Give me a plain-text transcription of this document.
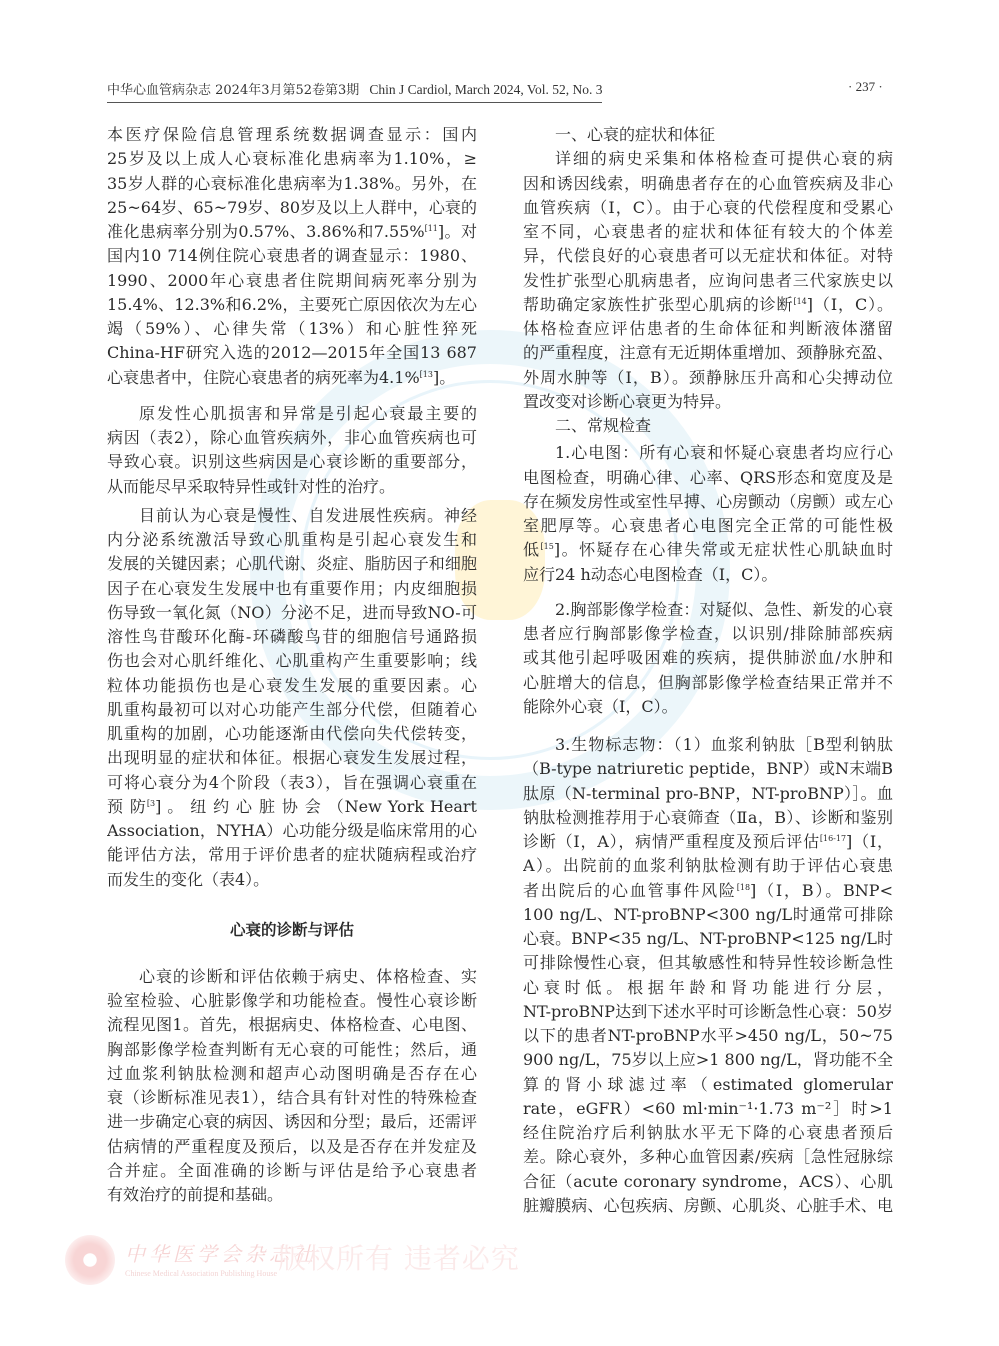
中华心血管病杂志 2024年3月第52卷第3期 Chin J Cardiol, March 2024, Vol. 52, No. 3	· 237 ·
本医疗保险信息管理系统数据调查显示：国内
25岁及以上成人心衰标准化患病率为1.10%，≥
35岁人群的心衰标准化患病率为1.38%。另外，在
25~64岁、65~79岁、80岁及以上人群中，心衰的
准化患病率分别为0.57%、3.86%和7.55%$^{[11}$]。对
国内10 714例住院心衰患者的调查显示：1980、
1990、2000年心衰患者住院期间病死率分别为
15.4%、12.3%和6.2%，主要死亡原因依次为左心
竭（59%）、心律失常（13%）和心脏性猝死
China-HF研究入选的2012—2015年全国13 687
心衰患者中，住院心衰患者的病死率为4.1%$^{[13}$]。
原发性心肌损害和异常是引起心衰最主要的
病因（表2），除心血管疾病外，非心血管疾病也可
导致心衰。识别这些病因是心衰诊断的重要部分，
从而能尽早采取特异性或针对性的治疗。
目前认为心衰是慢性、自发进展性疾病。神经
内分泌系统激活导致心肌重构是引起心衰发生和
发展的关键因素；心肌代谢、炎症、脂肪因子和细胞
因子在心衰发生发展中也有重要作用；内皮细胞损
伤导致一氧化氮（NO）分泌不足，进而导致NO-可
溶性鸟苷酸环化酶-环磷酸鸟苷的细胞信号通路损
伤也会对心肌纤维化、心肌重构产生重要影响；线
粒体功能损伤也是心衰发生发展的重要因素。心
肌重构最初可以对心功能产生部分代偿，但随着心
肌重构的加剧，心功能逐渐由代偿向失代偿转变，
出现明显的症状和体征。根据心衰发生发展过程，
可将心衰分为4个阶段（表3），旨在强调心衰重在
预 防$^{[3}$] 。 纽 约 心 脏 协 会 （New York Heart
Association，NYHA）心功能分级是临床常用的心
能评估方法，常用于评价患者的症状随病程或治疗
而发生的变化（表4）。
心衰的诊断与评估
心衰的诊断和评估依赖于病史、体格检查、实
验室检验、心脏影像学和功能检查。慢性心衰诊断
流程见图1。首先，根据病史、体格检查、心电图、
胸部影像学检查判断有无心衰的可能性；然后，通
过血浆利钠肽检测和超声心动图明确是否存在心
衰（诊断标准见表1），结合具有针对性的特殊检查
进一步确定心衰的病因、诱因和分型；最后，还需评
估病情的严重程度及预后，以及是否存在并发症及
合并症。全面准确的诊断与评估是给予心衰患者
有效治疗的前提和基础。
一、心衰的症状和体征
详细的病史采集和体格检查可提供心衰的病
因和诱因线索，明确患者存在的心血管疾病及非心
血管疾病（Ⅰ，C）。由于心衰的代偿程度和受累心
室不同，心衰患者的症状和体征有较大的个体差
异，代偿良好的心衰患者可以无症状和体征。对特
发性扩张型心肌病患者，应询问患者三代家族史以
帮助确定家族性扩张型心肌病的诊断$^{[14}$]（Ⅰ，C）。
体格检查应评估患者的生命体征和判断液体潴留
的严重程度，注意有无近期体重增加、颈静脉充盈、
外周水肿等（Ⅰ，B）。颈静脉压升高和心尖搏动位
置改变对诊断心衰更为特异。
二、常规检查
1.心电图：所有心衰和怀疑心衰患者均应行心
电图检查，明确心律、心率、QRS形态和宽度及是
存在频发房性或室性早搏、心房颤动（房颤）或左心
室肥厚等。心衰患者心电图完全正常的可能性极
低$^{[15}$]。怀疑存在心律失常或无症状性心肌缺血时
应行24 h动态心电图检查（Ⅰ，C）。
2.胸部影像学检查：对疑似、急性、新发的心衰
患者应行胸部影像学检查，以识别/排除肺部疾病
或其他引起呼吸困难的疾病，提供肺淤血/水肿和
心脏增大的信息，但胸部影像学检查结果正常并不
能除外心衰（Ⅰ，C）。
3.生物标志物：（1）血浆利钠肽［B型利钠肽
（B-type natriuretic peptide，BNP）或N末端B
肽原（N-terminal pro-BNP，NT-proBNP）］。血
钠肽检测推荐用于心衰筛查（Ⅱa，B）、诊断和鉴别
诊断（Ⅰ，A），病情严重程度及预后评估$^{[16-17}$]（Ⅰ，
A）。出院前的血浆利钠肽检测有助于评估心衰患
者出院后的心血管事件风险$^{[18}$]（Ⅰ，B）。BNP<
100 ng/L、NT-proBNP<300 ng/L时通常可排除
心衰。BNP<35 ng/L、NT-proBNP<125 ng/L时
可排除慢性心衰，但其敏感性和特异性较诊断急性
心衰时低。根据年龄和肾功能进行分层，
NT-proBNP达到下述水平时可诊断急性心衰：50岁
以下的患者NT-proBNP水平>450 ng/L，50~75
900 ng/L，75岁以上应>1 800 ng/L，肾功能不全
算的肾小球滤过率（estimated glomerular
rate，eGFR）<60 ml·min⁻¹·1.73 m⁻²］时>1
经住院治疗后利钠肽水平无下降的心衰患者预后
差。除心衰外，多种心血管因素/疾病［急性冠脉综
合征（acute coronary syndrome，ACS）、心肌
脏瓣膜病、心包疾病、房颤、心肌炎、心脏手术、电
中华医学会杂志社
Chinese Medical Association Publishing House 版权所有 违者必究
